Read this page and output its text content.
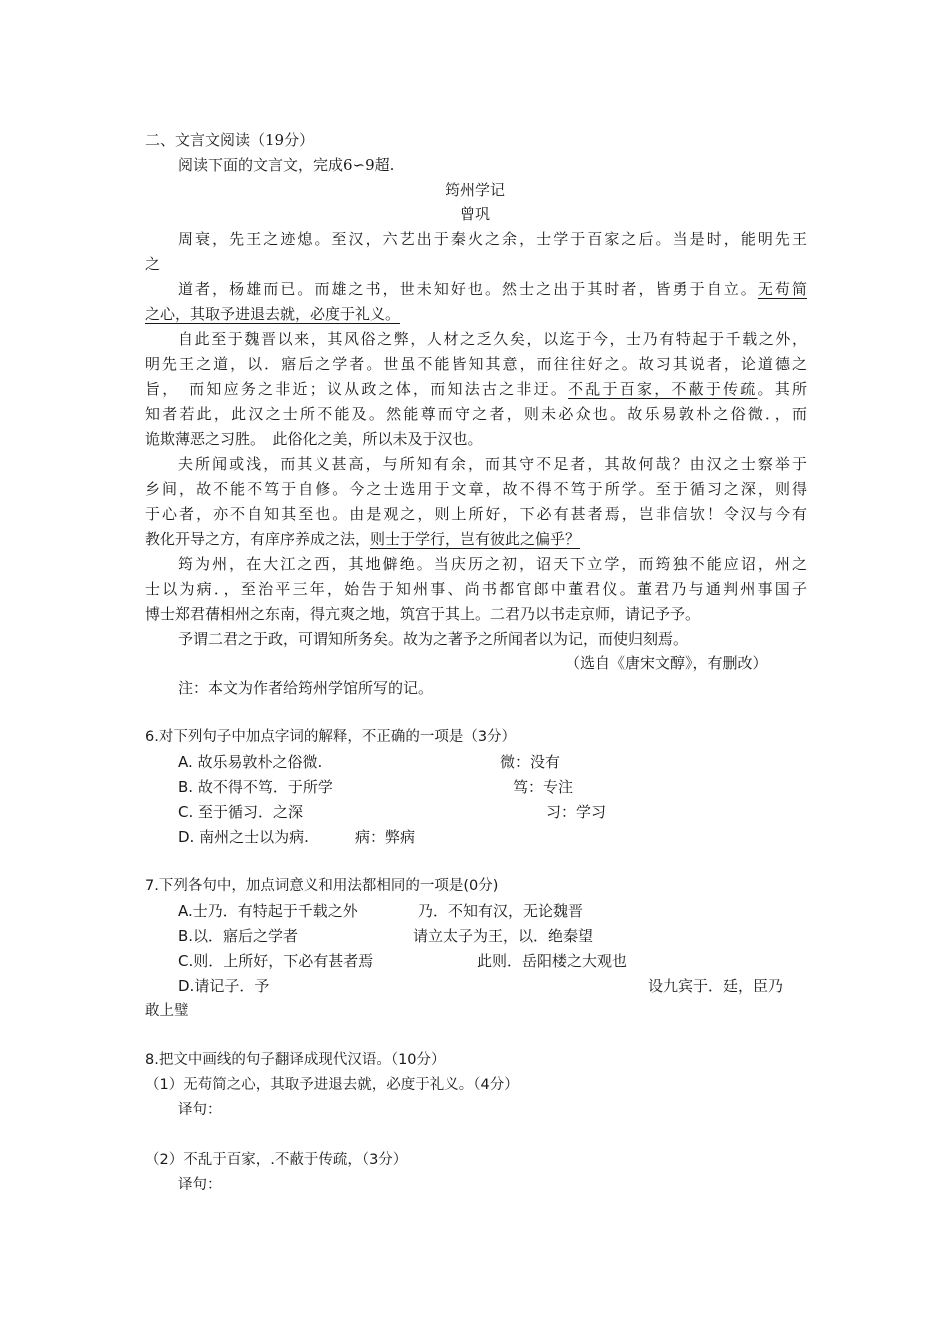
二、文言文阅读（19分）
阅读下面的文言文，完成6∽9超.
筠州学记
曾巩
周衰，先王之迹熄。至汉，六艺出于秦火之余，士学于百家之后。当是时，能明先王
之
道者，杨雄而已。而雄之书，世未知好也。然士之出于其时者，皆勇于自立。无苟简
之心，其取予进退去就，必度于礼义。
自此至于魏晋以来，其风俗之弊，人材之乏久矣，以迄于今，士乃有特起于千载之外，
明先王之道，以．寤后之学者。世虽不能皆知其意，而往往好之。故习其说者，论道德之
旨，　而知应务之非近；议从政之体，而知法古之非迂。不乱于百家，不蔽于传疏。其所
知者若此，此汉之士所不能及。然能尊而守之者，则未必众也。故乐易敦朴之俗微．，而
诡欺薄恶之习胜。　此俗化之美，所以未及于汉也。
夫所闻或浅，而其义甚高，与所知有余，而其守不足者，其故何哉？由汉之士察举于
乡间，故不能不笃于自修。今之士选用于文章，故不得不笃于所学。至于循习之深，则得
于心者，亦不自知其至也。由是观之，则上所好，下必有甚者焉，岂非信欤！令汉与今有
教化开导之方，有庠序养成之法，则士于学行，岂有彼此之偏乎？
筠为州，在大江之西，其地僻绝。当庆历之初，诏天下立学，而筠独不能应诏，州之
士以为病．，至治平三年，始告于知州事、尚书都官郎中董君仪。董君乃与通判州事国子
博士郑君蒨相州之东南，得亢爽之地，筑宫于其上。二君乃以书走京师，请记予予。
予谓二君之于政，可谓知所务矣。故为之著予之所闻者以为记，而使归刻焉。
（选自《唐宋文醇》，有删改）
注：本文为作者给筠州学馆所写的记。
6.对下列句子中加点字词的解释，不正确的一项是（3分）
A. 故乐易敦朴之俗微.	微：没有
B. 故不得不笃．于所学	笃：专注
C. 至于循习．之深	习：学习
D. 南州之士以为病.	病：弊病
7.下列各句中，加点词意义和用法都相同的一项是(0分)
A.士乃．有特起于千载之外	乃．不知有汉，无论魏晋
B.以．寤后之学者	请立太子为王，以．绝秦望
C.则．上所好，下必有甚者焉	此则．岳阳楼之大观也
D.请记子．予	设九宾于．廷，臣乃
敢上璧
8.把文中画线的句子翻译成现代汉语。（10分）
（1）无苟简之心，其取予进退去就，必度于礼义。（4分）
译句：
（2）不乱于百家，.不蔽于传疏，（3分）
译句：
